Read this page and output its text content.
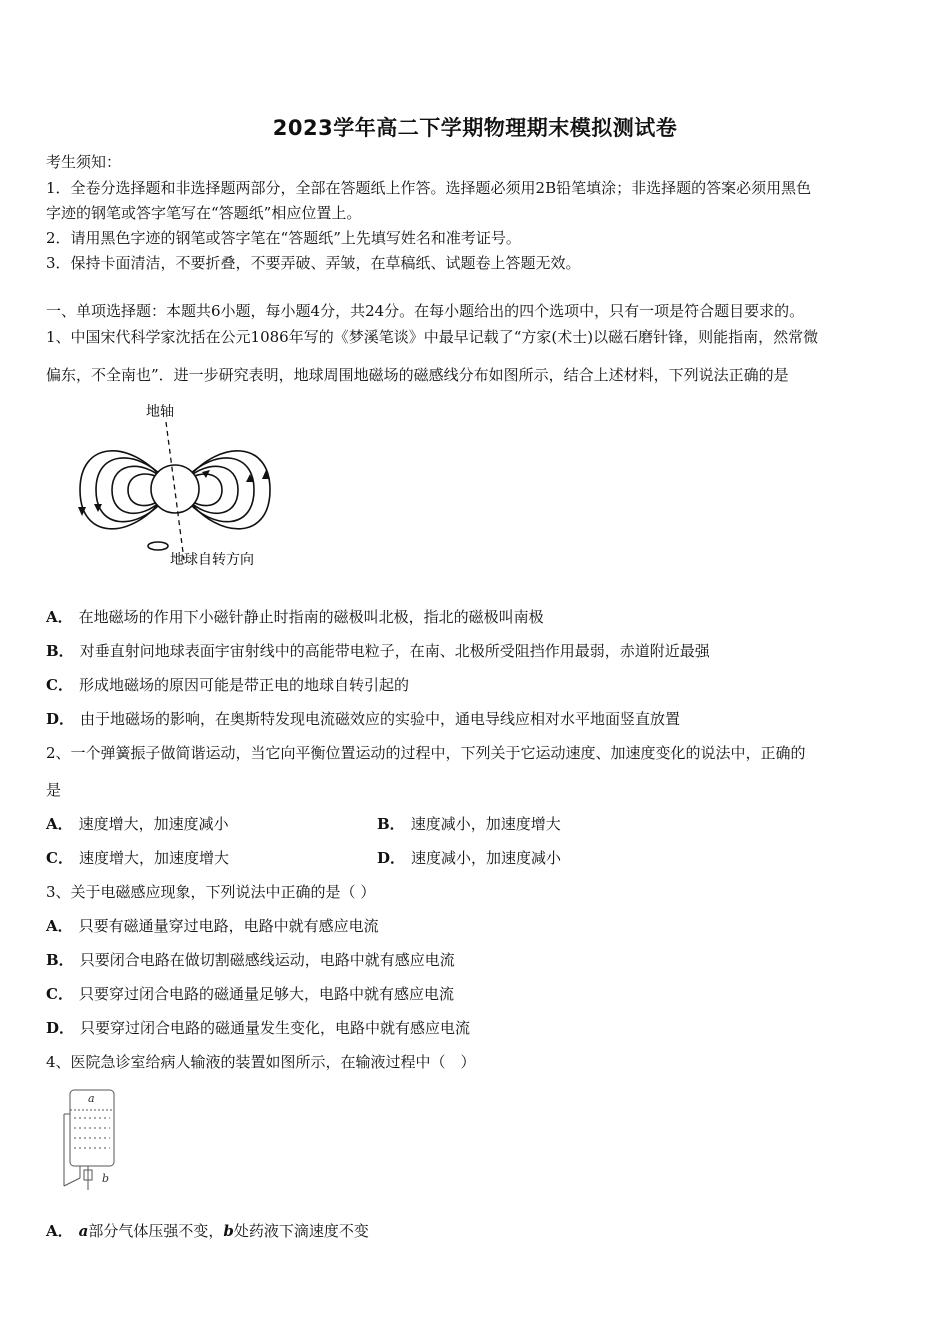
2023学年高二下学期物理期末模拟测试卷
考生须知：
1．全卷分选择题和非选择题两部分，全部在答题纸上作答。选择题必须用2B铅笔填涂；非选择题的答案必须用黑色
字迹的钢笔或答字笔写在“答题纸”相应位置上。
2．请用黑色字迹的钢笔或答字笔在“答题纸”上先填写姓名和准考证号。
3．保持卡面清洁，不要折叠，不要弄破、弄皱，在草稿纸、试题卷上答题无效。
一、单项选择题：本题共6小题，每小题4分，共24分。在每小题给出的四个选项中，只有一项是符合题目要求的。
1、中国宋代科学家沈括在公元1086年写的《梦溪笔谈》中最早记载了“方家(术士)以磁石磨针锋，则能指南，然常微
偏东，不全南也”．进一步研究表明，地球周围地磁场的磁感线分布如图所示，结合上述材料，下列说法正确的是
地轴
地球自转方向
A． 在地磁场的作用下小磁针静止时指南的磁极叫北极，指北的磁极叫南极
B． 对垂直射问地球表面宇宙射线中的高能带电粒子，在南、北极所受阻挡作用最弱，赤道附近最强
C． 形成地磁场的原因可能是带正电的地球自转引起的
D． 由于地磁场的影响，在奥斯特发现电流磁效应的实验中，通电导线应相对水平地面竖直放置
2、一个弹簧振子做简谐运动，当它向平衡位置运动的过程中，下列关于它运动速度、加速度变化的说法中，正确的
是
A． 速度增大，加速度减小	B． 速度减小，加速度增大
C． 速度增大，加速度增大	D． 速度减小，加速度减小
3、关于电磁感应现象，下列说法中正确的是（ ）
A． 只要有磁通量穿过电路，电路中就有感应电流
B． 只要闭合电路在做切割磁感线运动，电路中就有感应电流
C． 只要穿过闭合电路的磁通量足够大，电路中就有感应电流
D． 只要穿过闭合电路的磁通量发生变化，电路中就有感应电流
4、医院急诊室给病人输液的装置如图所示，在输液过程中（　）
a
b
A． a部分气体压强不变，b处药液下滴速度不变
